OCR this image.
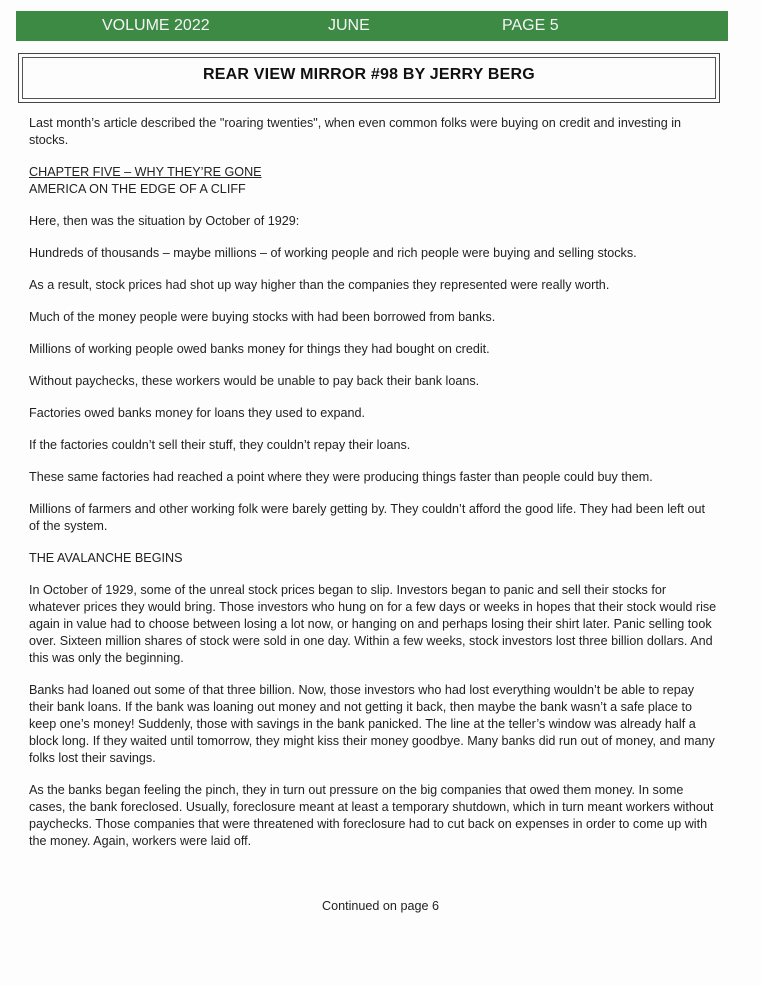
VOLUME 2022	JUNE	PAGE 5
REAR VIEW MIRROR #98 BY JERRY BERG

Last month’s article described the "roaring twenties", when even common folks were buying on credit and investing in stocks.

CHAPTER FIVE – WHY THEY’RE GONE
AMERICA ON THE EDGE OF A CLIFF

Here, then was the situation by October of 1929:

Hundreds of thousands – maybe millions – of working people and rich people were buying and selling stocks.

As a result, stock prices had shot up way higher than the companies they represented were really worth.

Much of the money people were buying stocks with had been borrowed from banks.

Millions of working people owed banks money for things they had bought on credit.

Without paychecks, these workers would be unable to pay back their bank loans.

Factories owed banks money for loans they used to expand.

If the factories couldn’t sell their stuff, they couldn’t repay their loans.

These same factories had reached a point where they were producing things faster than people could buy them.

Millions of farmers and other working folk were barely getting by. They couldn’t afford the good life. They had been left out of the system.

THE AVALANCHE BEGINS

In October of 1929, some of the unreal stock prices began to slip. Investors began to panic and sell their stocks for whatever prices they would bring. Those investors who hung on for a few days or weeks in hopes that their stock would rise again in value had to choose between losing a lot now, or hanging on and perhaps losing their shirt later. Panic selling took over. Sixteen million shares of stock were sold in one day. Within a few weeks, stock investors lost three billion dollars. And this was only the beginning.

Banks had loaned out some of that three billion. Now, those investors who had lost everything wouldn’t be able to repay their bank loans. If the bank was loaning out money and not getting it back, then maybe the bank wasn’t a safe place to keep one’s money! Suddenly, those with savings in the bank panicked. The line at the teller’s window was already half a block long. If they waited until tomorrow, they might kiss their money goodbye. Many banks did run out of money, and many folks lost their savings.

As the banks began feeling the pinch, they in turn out pressure on the big companies that owed them money. In some cases, the bank foreclosed. Usually, foreclosure meant at least a temporary shutdown, which in turn meant workers without paychecks. Those companies that were threatened with foreclosure had to cut back on expenses in order to come up with the money. Again, workers were laid off.

Continued on page 6
